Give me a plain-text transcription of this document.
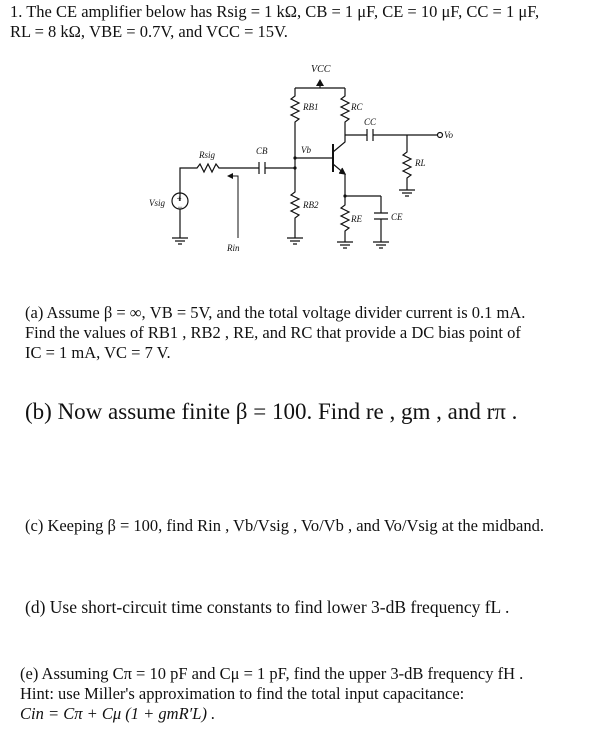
1. The CE amplifier below has Rsig = 1 kΩ, CB = 1 μF, CE = 10 μF, CC = 1 μF,
RL = 8 kΩ, VBE = 0.7V, and VCC = 15V.
VCC
RB1	RC
CC
Vo
RL
Vb
RB2
RE	CE
Rsig	CB
Rin
+
−
Vsig
(a) Assume β = ∞, VB = 5V, and the total voltage divider current is 0.1 mA.
Find the values of RB1 , RB2 , RE, and RC that provide a DC bias point of
IC = 1 mA, VC = 7 V.
(b) Now assume finite β = 100. Find re , gm , and rπ .
(c) Keeping β = 100, find Rin , Vb/Vsig , Vo/Vb , and Vo/Vsig at the midband.
(d) Use short-circuit time constants to find lower 3-dB frequency fL .
(e) Assuming Cπ = 10 pF and Cμ = 1 pF, find the upper 3-dB frequency fH .
Hint: use Miller's approximation to find the total input capacitance:
Cin = Cπ + Cμ (1 + gmR′L) .
